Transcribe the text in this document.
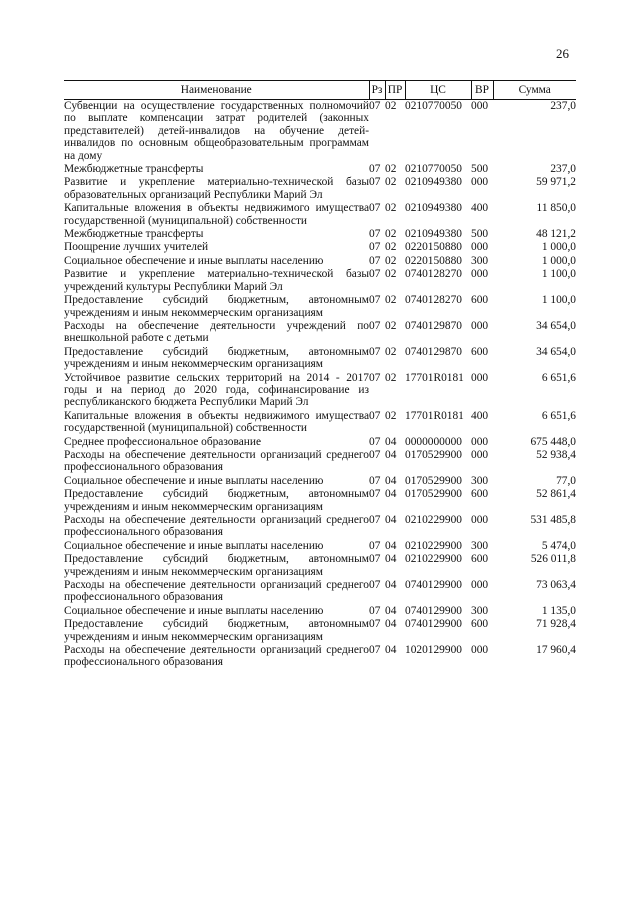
26
Наименование	Рз	ПР	ЦС	ВР	Сумма
Субвенции на осуществление государственных полномочий по выплате компенсации затрат родителей (законных представителей) детей-инвалидов на обучение детей-инвалидов по основным общеобразовательным программам на дому	07	02	0210770050	000	237,0
Межбюджетные трансферты	07	02	0210770050	500	237,0
Развитие и укрепление материально-технической базы образовательных организаций Республики Марий Эл	07	02	0210949380	000	59 971,2
Капитальные вложения в объекты недвижимого имущества государственной (муниципальной) собственности	07	02	0210949380	400	11 850,0
Межбюджетные трансферты	07	02	0210949380	500	48 121,2
Поощрение лучших учителей	07	02	0220150880	000	1 000,0
Социальное обеспечение и иные выплаты населению	07	02	0220150880	300	1 000,0
Развитие и укрепление материально-технической базы учреждений культуры Республики Марий Эл	07	02	0740128270	000	1 100,0
Предоставление субсидий бюджетным, автономным учреждениям и иным некоммерческим организациям	07	02	0740128270	600	1 100,0
Расходы на обеспечение деятельности учреждений по внешкольной работе с детьми	07	02	0740129870	000	34 654,0
Предоставление субсидий бюджетным, автономным учреждениям и иным некоммерческим организациям	07	02	0740129870	600	34 654,0
Устойчивое развитие сельских территорий на 2014 - 2017 годы и на период до 2020 года, софинансирование из республиканского бюджета Республики Марий Эл	07	02	17701R0181	000	6 651,6
Капитальные вложения в объекты недвижимого имущества государственной (муниципальной) собственности	07	02	17701R0181	400	6 651,6
Среднее профессиональное образование	07	04	0000000000	000	675 448,0
Расходы на обеспечение деятельности организаций среднего профессионального образования	07	04	0170529900	000	52 938,4
Социальное обеспечение и иные выплаты населению	07	04	0170529900	300	77,0
Предоставление субсидий бюджетным, автономным учреждениям и иным некоммерческим организациям	07	04	0170529900	600	52 861,4
Расходы на обеспечение деятельности организаций среднего профессионального образования	07	04	0210229900	000	531 485,8
Социальное обеспечение и иные выплаты населению	07	04	0210229900	300	5 474,0
Предоставление субсидий бюджетным, автономным учреждениям и иным некоммерческим организациям	07	04	0210229900	600	526 011,8
Расходы на обеспечение деятельности организаций среднего профессионального образования	07	04	0740129900	000	73 063,4
Социальное обеспечение и иные выплаты населению	07	04	0740129900	300	1 135,0
Предоставление субсидий бюджетным, автономным учреждениям и иным некоммерческим организациям	07	04	0740129900	600	71 928,4
Расходы на обеспечение деятельности организаций среднего профессионального образования	07	04	1020129900	000	17 960,4
